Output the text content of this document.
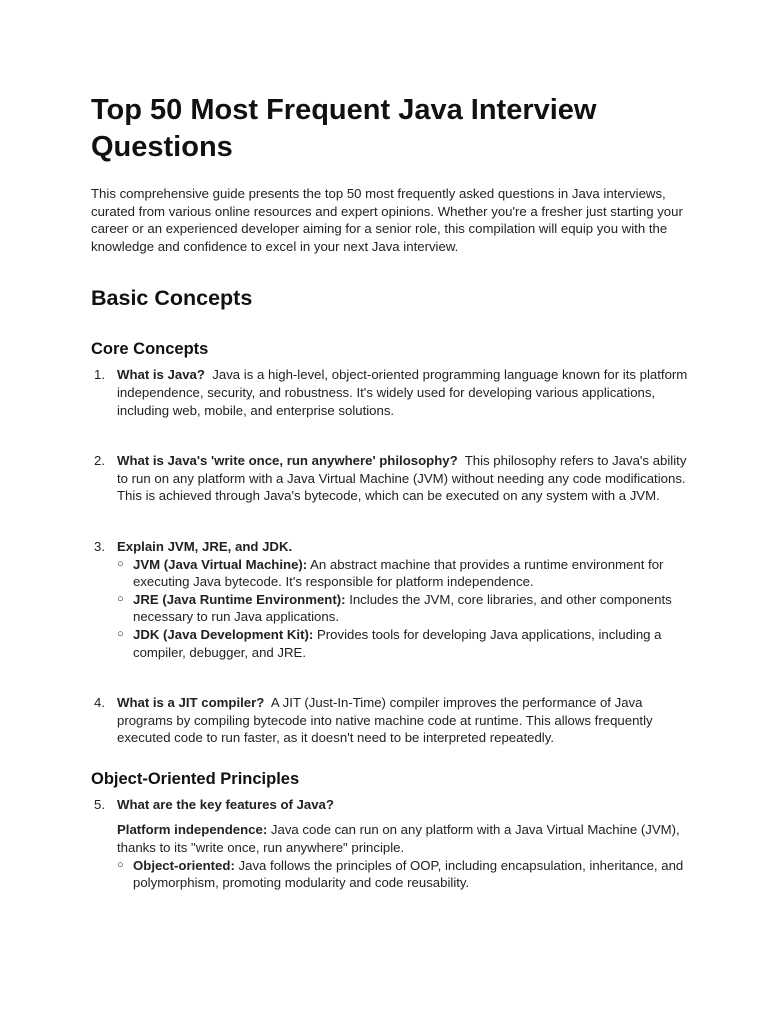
Top 50 Most Frequent Java Interview Questions

This comprehensive guide presents the top 50 most frequently asked questions in Java interviews, curated from various online resources and expert opinions. Whether you're a fresher just starting your career or an experienced developer aiming for a senior role, this compilation will equip you with the knowledge and confidence to excel in your next Java interview.

Basic Concepts
Core Concepts
1. What is Java? Java is a high-level, object-oriented programming language known for its platform independence, security, and robustness. It's widely used for developing various applications, including web, mobile, and enterprise solutions.
2. What is Java's 'write once, run anywhere' philosophy? This philosophy refers to Java's ability to run on any platform with a Java Virtual Machine (JVM) without needing any code modifications. This is achieved through Java's bytecode, which can be executed on any system with a JVM.
3. Explain JVM, JRE, and JDK.
○ JVM (Java Virtual Machine): An abstract machine that provides a runtime environment for executing Java bytecode. It's responsible for platform independence.
○ JRE (Java Runtime Environment): Includes the JVM, core libraries, and other components necessary to run Java applications.
○ JDK (Java Development Kit): Provides tools for developing Java applications, including a compiler, debugger, and JRE.
4. What is a JIT compiler? A JIT (Just-In-Time) compiler improves the performance of Java programs by compiling bytecode into native machine code at runtime. This allows frequently executed code to run faster, as it doesn't need to be interpreted repeatedly.
Object-Oriented Principles
5. What are the key features of Java?
Platform independence: Java code can run on any platform with a Java Virtual Machine (JVM), thanks to its "write once, run anywhere" principle.
○ Object-oriented: Java follows the principles of OOP, including encapsulation, inheritance, and polymorphism, promoting modularity and code reusability.
